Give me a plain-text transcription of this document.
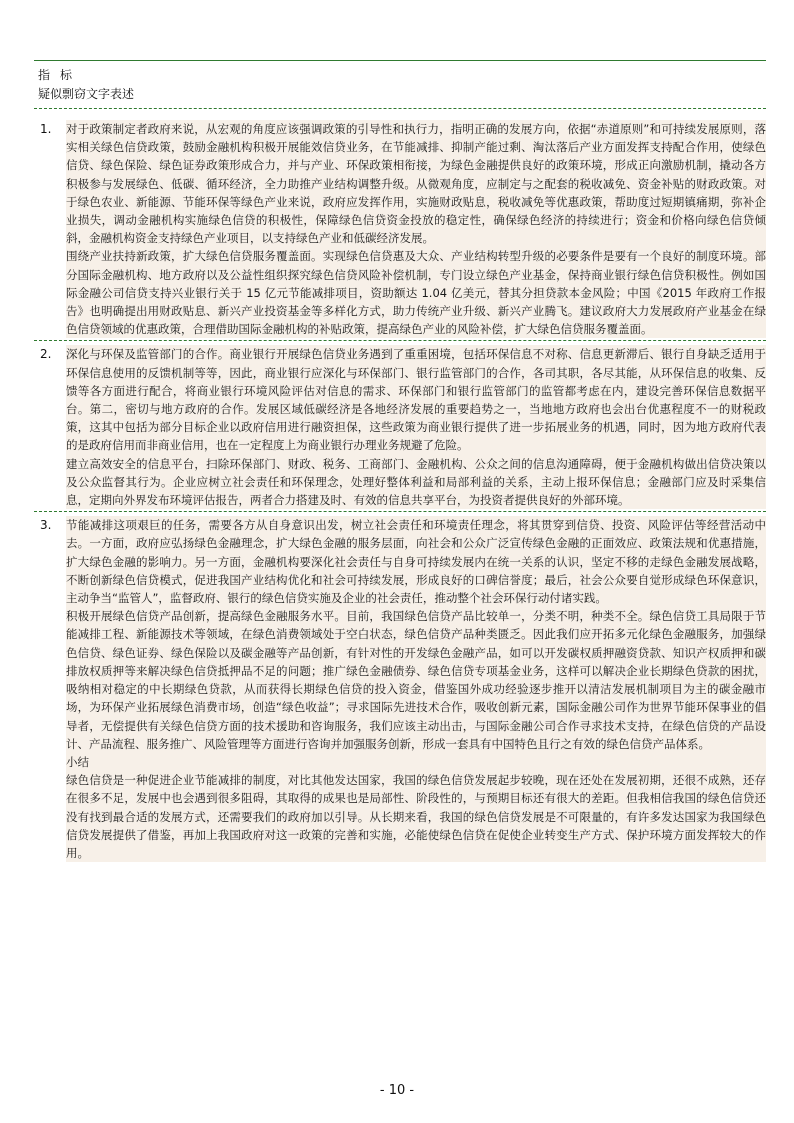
指标
疑似剽窃文字表述
1. 对于政策制定者政府来说，从宏观的角度应该强调政策的引导性和执行力，指明正确的发展方向，依据“赤道原则”和可持续发展原则，落实相关绿色信贷政策，鼓励金融机构积极开展能效信贷业务，在节能减排、抑制产能过剩、淘汰落后产业方面发挥支持配合作用，使绿色信贷、绿色保险、绿色证券政策形成合力，并与产业、环保政策相衔接，为绿色金融提供良好的政策环境，形成正向激励机制，撬动各方积极参与发展绿色、低碳、循环经济，全力助推产业结构调整升级。从微观角度，应制定与之配套的税收减免、资金补贴的财政政策。对于绿色农业、新能源、节能环保等绿色产业来说，政府应发挥作用，实施财政贴息，税收减免等优惠政策，帮助度过短期镇痛期，弥补企业损失，调动金融机构实施绿色信贷的积极性，保障绿色信贷资金投放的稳定性，确保绿色经济的持续进行；资金和价格向绿色信贷倾斜，金融机构资金支持绿色产业项目，以支持绿色产业和低碳经济发展。

围绕产业扶持新政策，扩大绿色信贷服务覆盖面。实现绿色信贷惠及大众、产业结构转型升级的必要条件是要有一个良好的制度环境。部分国际金融机构、地方政府以及公益性组织探究绿色信贷风险补偿机制，专门设立绿色产业基金，保持商业银行绿色信贷积极性。例如国际金融公司信贷支持兴业银行关于 15 亿元节能减排项目，资助额达 1.04 亿美元，替其分担贷款本金风险；中国《2015 年政府工作报告》也明确提出用财政贴息、新兴产业投资基金等多样化方式，助力传统产业升级、新兴产业腾飞。建议政府大力发展政府产业基金在绿色信贷领域的优惠政策，合理借助国际金融机构的补贴政策，提高绿色产业的风险补偿，扩大绿色信贷服务覆盖面。

2. 深化与环保及监管部门的合作。商业银行开展绿色信贷业务遇到了重重困境，包括环保信息不对称、信息更新滞后、银行自身缺乏适用于环保信息使用的反馈机制等等，因此，商业银行应深化与环保部门、银行监管部门的合作，各司其职，各尽其能，从环保信息的收集、反馈等各方面进行配合，将商业银行环境风险评估对信息的需求、环保部门和银行监管部门的监管都考虑在内，建设完善环保信息数据平台。第二，密切与地方政府的合作。发展区域低碳经济是各地经济发展的重要趋势之一，当地地方政府也会出台优惠程度不一的财税政策，这其中包括为部分目标企业以政府信用进行融资担保，这些政策为商业银行提供了进一步拓展业务的机遇，同时，因为地方政府代表的是政府信用而非商业信用，也在一定程度上为商业银行办理业务规避了危险。

建立高效安全的信息平台，扫除环保部门、财政、税务、工商部门、金融机构、公众之间的信息沟通障碍，便于金融机构做出信贷决策以及公众监督其行为。企业应树立社会责任和环保理念，处理好整体利益和局部利益的关系，主动上报环保信息；金融部门应及时采集信息，定期向外界发布环境评估报告，两者合力搭建及时、有效的信息共享平台，为投资者提供良好的外部环境。

3. 节能减排这项艰巨的任务，需要各方从自身意识出发，树立社会责任和环境责任理念，将其贯穿到信贷、投资、风险评估等经营活动中去。一方面，政府应弘扬绿色金融理念，扩大绿色金融的服务层面，向社会和公众广泛宣传绿色金融的正面效应、政策法规和优惠措施，扩大绿色金融的影响力。另一方面，金融机构要深化社会责任与自身可持续发展内在统一关系的认识，坚定不移的走绿色金融发展战略，不断创新绿色信贷模式，促进我国产业结构优化和社会可持续发展，形成良好的口碑信誉度；最后，社会公众要自觉形成绿色环保意识，主动争当“监管人”，监督政府、银行的绿色信贷实施及企业的社会责任，推动整个社会环保行动付诸实践。

积极开展绿色信贷产品创新，提高绿色金融服务水平。目前，我国绿色信贷产品比较单一，分类不明，种类不全。绿色信贷工具局限于节能减排工程、新能源技术等领域，在绿色消费领域处于空白状态，绿色信贷产品种类匮乏。因此我们应开拓多元化绿色金融服务，加强绿色信贷、绿色证券、绿色保险以及碳金融等产品创新，有针对性的开发绿色金融产品，如可以开发碳权质押融资贷款、知识产权质押和碳排放权质押等来解决绿色信贷抵押品不足的问题；推广绿色金融债券、绿色信贷专项基金业务，这样可以解决企业长期绿色贷款的困扰，吸纳相对稳定的中长期绿色贷款，从而获得长期绿色信贷的投入资金，借鉴国外成功经验逐步推开以清洁发展机制项目为主的碳金融市场，为环保产业拓展绿色消费市场，创造“绿色收益”；寻求国际先进技术合作，吸收创新元素，国际金融公司作为世界节能环保事业的倡导者，无偿提供有关绿色信贷方面的技术援助和咨询服务，我们应该主动出击，与国际金融公司合作寻求技术支持，在绿色信贷的产品设计、产品流程、服务推广、风险管理等方面进行咨询并加强服务创新，形成一套具有中国特色且行之有效的绿色信贷产品体系。

小结

绿色信贷是一种促进企业节能减排的制度，对比其他发达国家，我国的绿色信贷发展起步较晚，现在还处在发展初期，还很不成熟，还存在很多不足，发展中也会遇到很多阻碍，其取得的成果也是局部性、阶段性的，与预期目标还有很大的差距。但我相信我国的绿色信贷还没有找到最合适的发展方式，还需要我们的政府加以引导。从长期来看，我国的绿色信贷发展是不可限量的，有许多发达国家为我国绿色信贷发展提供了借鉴，再加上我国政府对这一政策的完善和实施，必能使绿色信贷在促使企业转变生产方式、保护环境方面发挥较大的作用。

- 10 -
